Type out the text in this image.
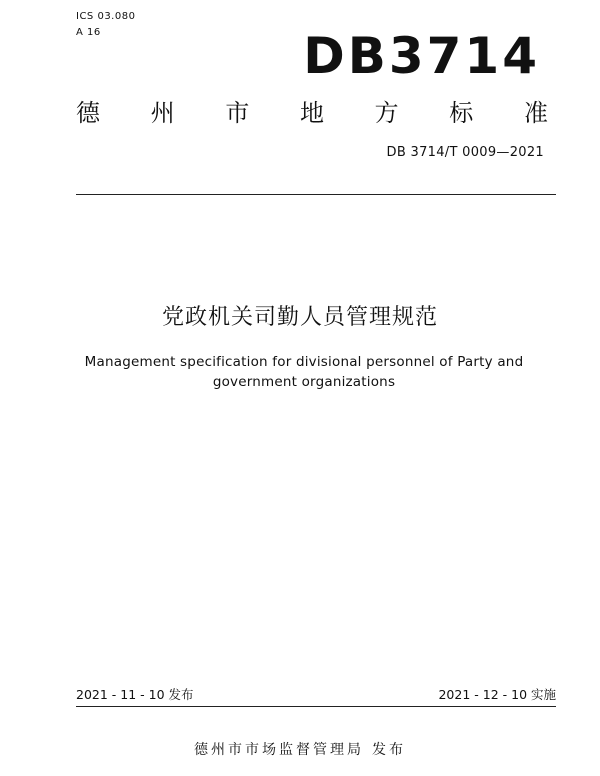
ICS 03.080
A 16	DB3714
德 州 市 地 方 标 准
DB 3714/T 0009—2021
党政机关司勤人员管理规范
Management specification for divisional personnel of Party and government organizations
2021 - 11 - 10 发布	2021 - 12 - 10 实施
德州市市场监督管理局 发布
